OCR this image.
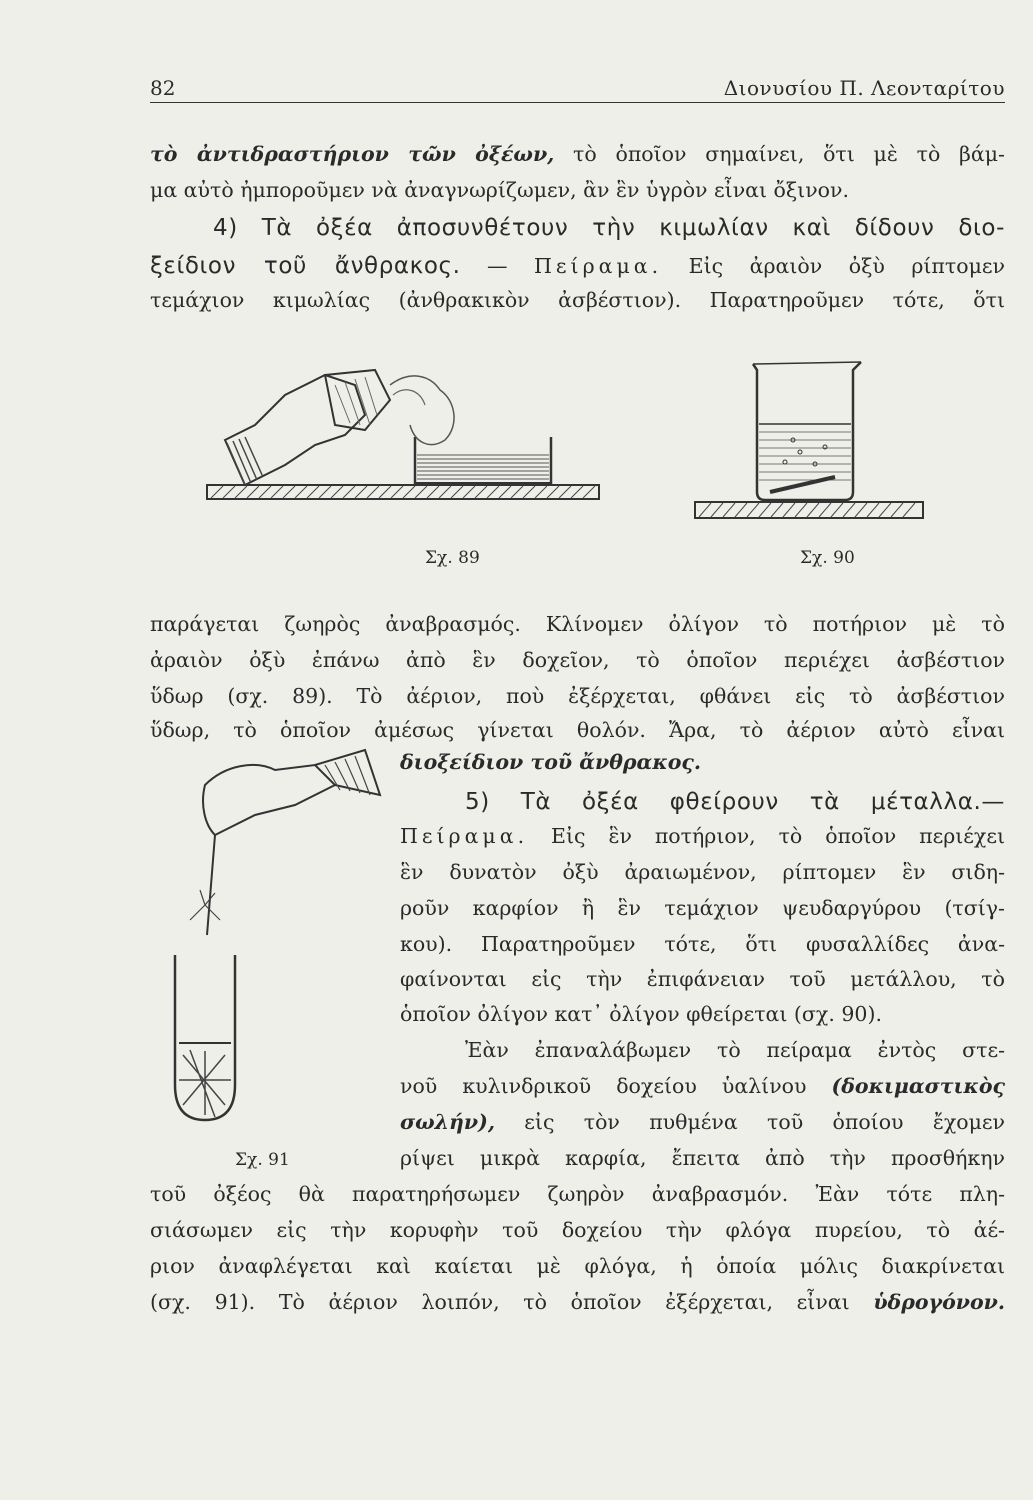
82	Διονυσίου Π. Λεονταρίτου
τὸ ἀντιδραστήριον τῶν ὀξέων, τὸ ὁποῖον σημαίνει, ὅτι μὲ τὸ βάμ-
μα αὐτὸ ἠμποροῦμεν νὰ ἀναγνωρίζωμεν, ἂν ἓν ὑγρὸν εἶναι ὄξινον.
4) Τὰ ὀξέα ἀποσυνθέτουν τὴν κιμωλίαν καὶ δίδουν διο-
ξείδιον τοῦ ἄνθρακος. — Πείραμα. Εἰς ἀραιὸν ὀξὺ ρίπτομεν
τεμάχιον κιμωλίας (ἀνθρακικὸν ἀσβέστιον). Παρατηροῦμεν τότε, ὅτι
Σχ. 89	Σχ. 90
παράγεται ζωηρὸς ἀναβρασμός. Κλίνομεν ὀλίγον τὸ ποτήριον μὲ τὸ
ἀραιὸν ὀξὺ ἐπάνω ἀπὸ ἓν δοχεῖον, τὸ ὁποῖον περιέχει ἀσβέστιον
ὕδωρ (σχ. 89). Τὸ ἀέριον, ποὺ ἐξέρχεται, φθάνει εἰς τὸ ἀσβέστιον
ὕδωρ, τὸ ὁποῖον ἀμέσως γίνεται θολόν. Ἄρα, τὸ ἀέριον αὐτὸ εἶναι
διοξείδιον τοῦ ἄνθρακος.
Σχ. 91
5) Τὰ ὀξέα φθείρουν τὰ μέταλλα.—
Πείραμα. Εἰς ἓν ποτήριον, τὸ ὁποῖον περιέχει
ἓν δυνατὸν ὀξὺ ἀραιωμένον, ρίπτομεν ἓν σιδη-
ροῦν καρφίον ἢ ἓν τεμάχιον ψευδαργύρου (τσίγ-
κου). Παρατηροῦμεν τότε, ὅτι φυσαλλίδες ἀνα-
φαίνονται εἰς τὴν ἐπιφάνειαν τοῦ μετάλλου, τὸ
ὁποῖον ὀλίγον κατ᾿ ὀλίγον φθείρεται (σχ. 90).
Ἐὰν ἐπαναλάβωμεν τὸ πείραμα ἐντὸς στε-
νοῦ κυλινδρικοῦ δοχείου ὑαλίνου (δοκιμαστικὸς
σωλήν), εἰς τὸν πυθμένα τοῦ ὁποίου ἔχομεν
ρίψει μικρὰ καρφία, ἔπειτα ἀπὸ τὴν προσθήκην
τοῦ ὀξέος θὰ παρατηρήσωμεν ζωηρὸν ἀναβρασμόν. Ἐὰν τότε πλη-
σιάσωμεν εἰς τὴν κορυφὴν τοῦ δοχείου τὴν φλόγα πυρείου, τὸ ἀέ-
ριον ἀναφλέγεται καὶ καίεται μὲ φλόγα, ἡ ὁποία μόλις διακρίνεται
(σχ. 91). Τὸ ἀέριον λοιπόν, τὸ ὁποῖον ἐξέρχεται, εἶναι ὑδρογόνον.
